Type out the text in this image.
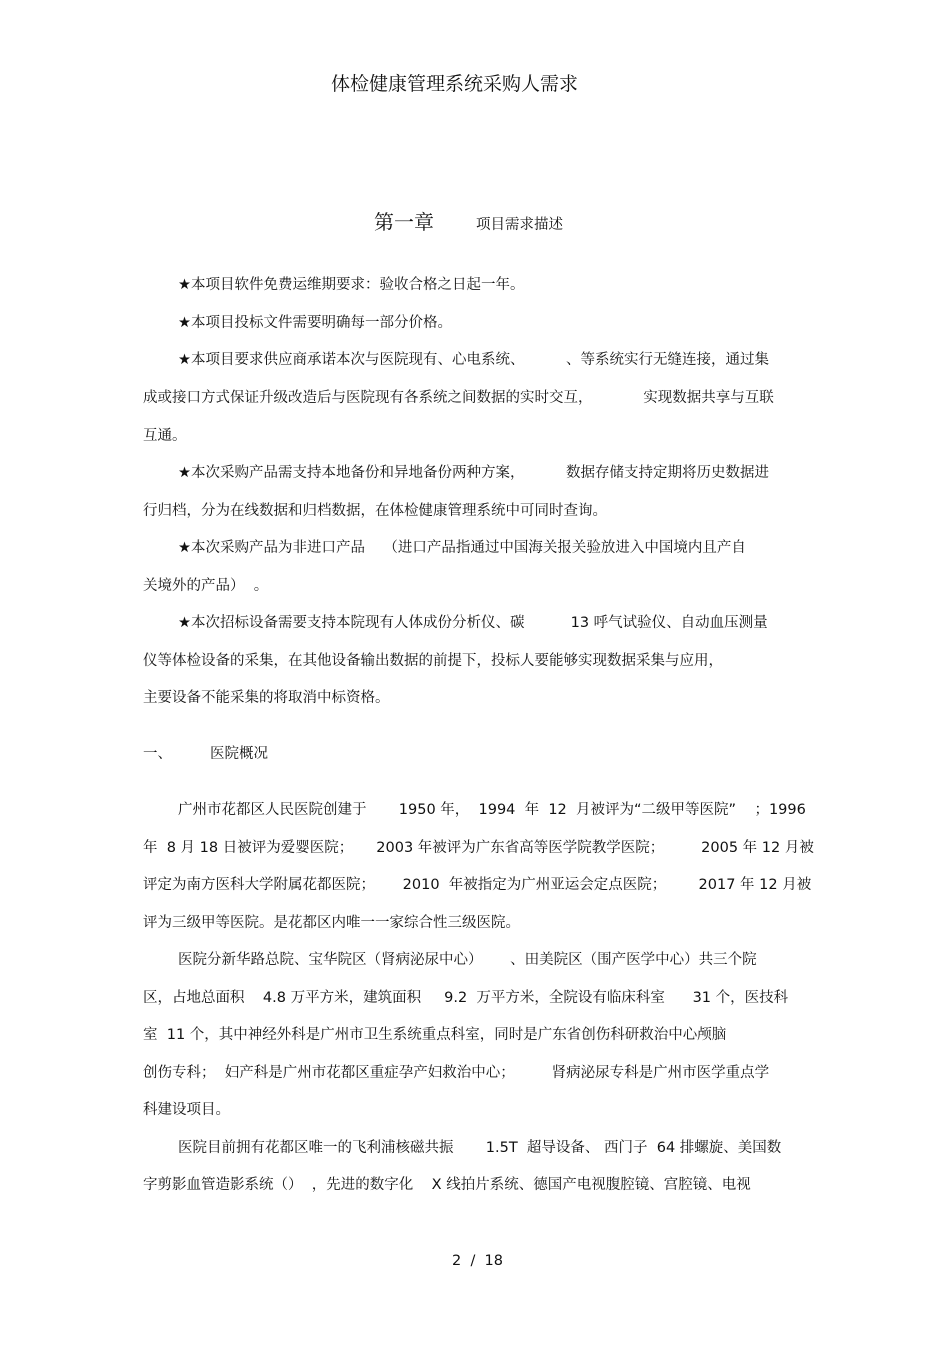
体检健康管理系统采购人需求
第一章	项目需求描述
★本项目软件免费运维期要求：验收合格之日起一年。
★本项目投标文件需要明确每一部分价格。
★本项目要求供应商承诺本次与医院现有、心电系统、         、等系统实行无缝连接，通过集
成或接口方式保证升级改造后与医院现有各系统之间数据的实时交互，           实现数据共享与互联
互通。
★本次采购产品需支持本地备份和异地备份两种方案，         数据存储支持定期将历史数据进
行归档，分为在线数据和归档数据，在体检健康管理系统中可同时查询。
★本次采购产品为非进口产品    （进口产品指通过中国海关报关验放进入中国境内且产自
关境外的产品）  。
★本次招标设备需要支持本院现有人体成份分析仪、碳          13 呼气试验仪、自动血压测量
仪等体检设备的采集，在其他设备输出数据的前提下，投标人要能够实现数据采集与应用，
主要设备不能采集的将取消中标资格。
一、	医院概况
广州市花都区人民医院创建于       1950 年，  1994  年  12  月被评为“二级甲等医院”    ；1996
年  8 月 18 日被评为爱婴医院；     2003 年被评为广东省高等医学院教学医院；        2005 年 12 月被
评定为南方医科大学附属花都医院；      2010  年被指定为广州亚运会定点医院；       2017 年 12 月被
评为三级甲等医院。是花都区内唯一一家综合性三级医院。
医院分新华路总院、宝华院区（肾病泌尿中心）      、田美院区（围产医学中心）共三个院
区，占地总面积    4.8 万平方米，建筑面积     9.2  万平方米，全院设有临床科室      31 个，医技科
室  11 个，其中神经外科是广州市卫生系统重点科室，同时是广东省创伤科研救治中心颅脑
创伤专科；  妇产科是广州市花都区重症孕产妇救治中心；        肾病泌尿专科是广州市医学重点学
科建设项目。
医院目前拥有花都区唯一的飞利浦核磁共振       1.5T  超导设备、 西门子  64 排螺旋、美国数
字剪影血管造影系统（）  ，先进的数字化    X 线拍片系统、德国产电视腹腔镜、宫腔镜、电视
2  /  18
